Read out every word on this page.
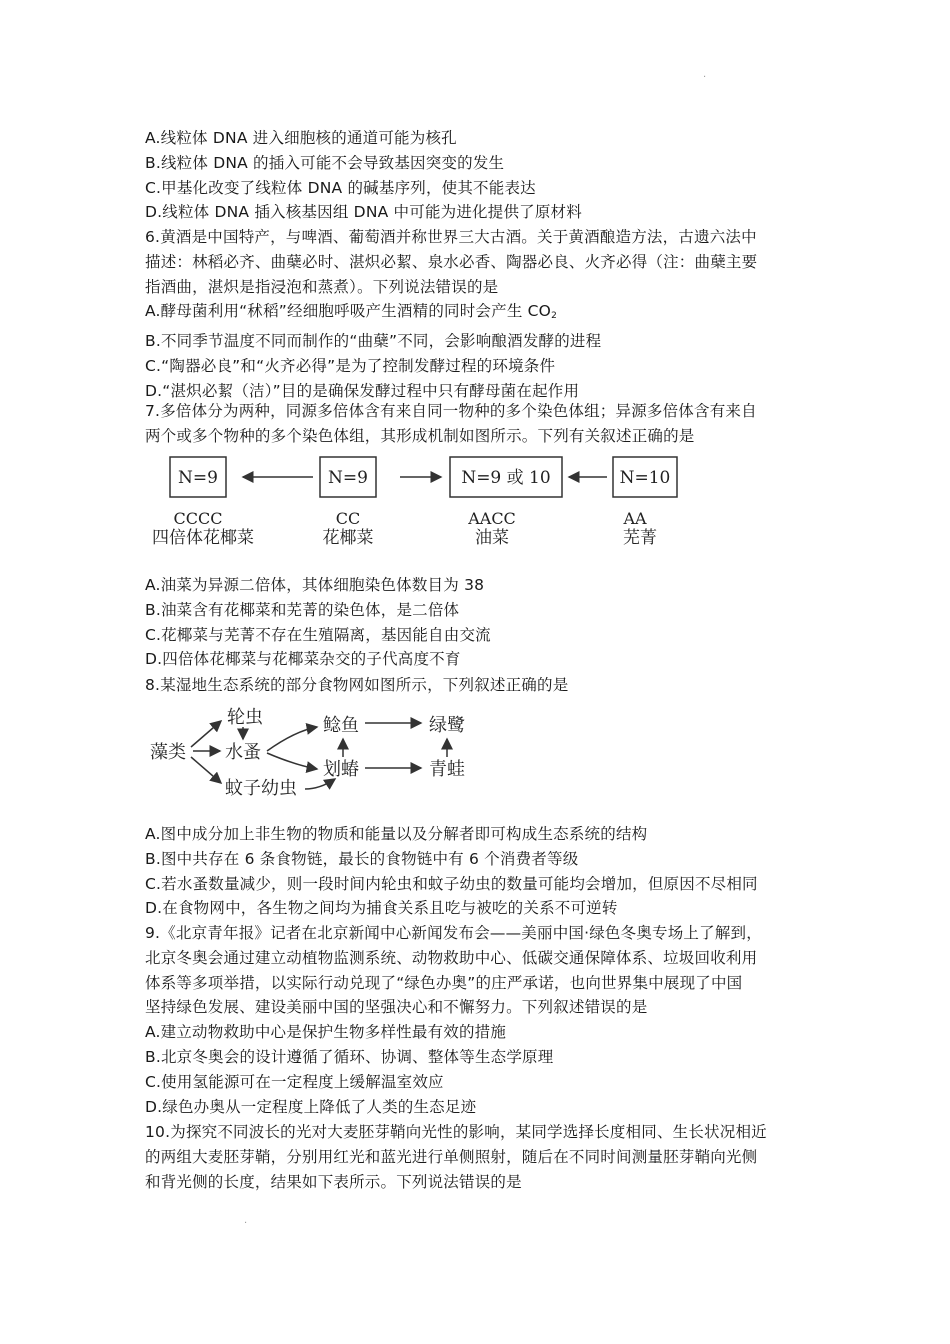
·
A.线粒体 DNA 进入细胞核的通道可能为核孔
B.线粒体 DNA 的插入可能不会导致基因突变的发生
C.甲基化改变了线粒体 DNA 的碱基序列，使其不能表达
D.线粒体 DNA 插入核基因组 DNA 中可能为进化提供了原材料
6.黄酒是中国特产，与啤酒、葡萄酒并称世界三大古酒。关于黄酒酿造方法，古遗六法中
描述：林稻必齐、曲蘖必时、湛炽必絜、泉水必香、陶器必良、火齐必得（注：曲蘖主要
指酒曲，湛炽是指浸泡和蒸煮）。下列说法错误的是
A.酵母菌利用“秫稻”经细胞呼吸产生酒精的同时会产生 $CO_2$
B.不同季节温度不同而制作的“曲蘖”不同，会影响酿酒发酵的进程
C.“陶器必良”和“火齐必得”是为了控制发酵过程的环境条件
D.“湛炽必絜（洁）”目的是确保发酵过程中只有酵母菌在起作用
7.多倍体分为两种，同源多倍体含有来自同一物种的多个染色体组；异源多倍体含有来自
两个或多个物种的多个染色体组，其形成机制如图所示。下列有关叙述正确的是
N=9	N=9	N=9 或 10	N=10
CCCC	CC	AACC	AA
四倍体花椰菜	花椰菜	油菜	芜菁
A.油菜为异源二倍体，其体细胞染色体数目为 38
B.油菜含有花椰菜和芜菁的染色体，是二倍体
C.花椰菜与芜菁不存在生殖隔离，基因能自由交流
D.四倍体花椰菜与花椰菜杂交的子代高度不育
8.某湿地生态系统的部分食物网如图所示，下列叙述正确的是
藻类
轮虫
水蚤
蚊子幼虫
鲶鱼
划蝽
绿鹭
青蛙
A.图中成分加上非生物的物质和能量以及分解者即可构成生态系统的结构
B.图中共存在 6 条食物链，最长的食物链中有 6 个消费者等级
C.若水蚤数量减少，则一段时间内轮虫和蚊子幼虫的数量可能均会增加，但原因不尽相同
D.在食物网中，各生物之间均为捕食关系且吃与被吃的关系不可逆转
9.《北京青年报》记者在北京新闻中心新闻发布会——美丽中国·绿色冬奥专场上了解到，
北京冬奥会通过建立动植物监测系统、动物救助中心、低碳交通保障体系、垃圾回收利用
体系等多项举措，以实际行动兑现了“绿色办奥”的庄严承诺，也向世界集中展现了中国
坚持绿色发展、建设美丽中国的坚强决心和不懈努力。下列叙述错误的是
A.建立动物救助中心是保护生物多样性最有效的措施
B.北京冬奥会的设计遵循了循环、协调、整体等生态学原理
C.使用氢能源可在一定程度上缓解温室效应
D.绿色办奥从一定程度上降低了人类的生态足迹
10.为探究不同波长的光对大麦胚芽鞘向光性的影响，某同学选择长度相同、生长状况相近
的两组大麦胚芽鞘，分别用红光和蓝光进行单侧照射，随后在不同时间测量胚芽鞘向光侧
和背光侧的长度，结果如下表所示。下列说法错误的是
·
